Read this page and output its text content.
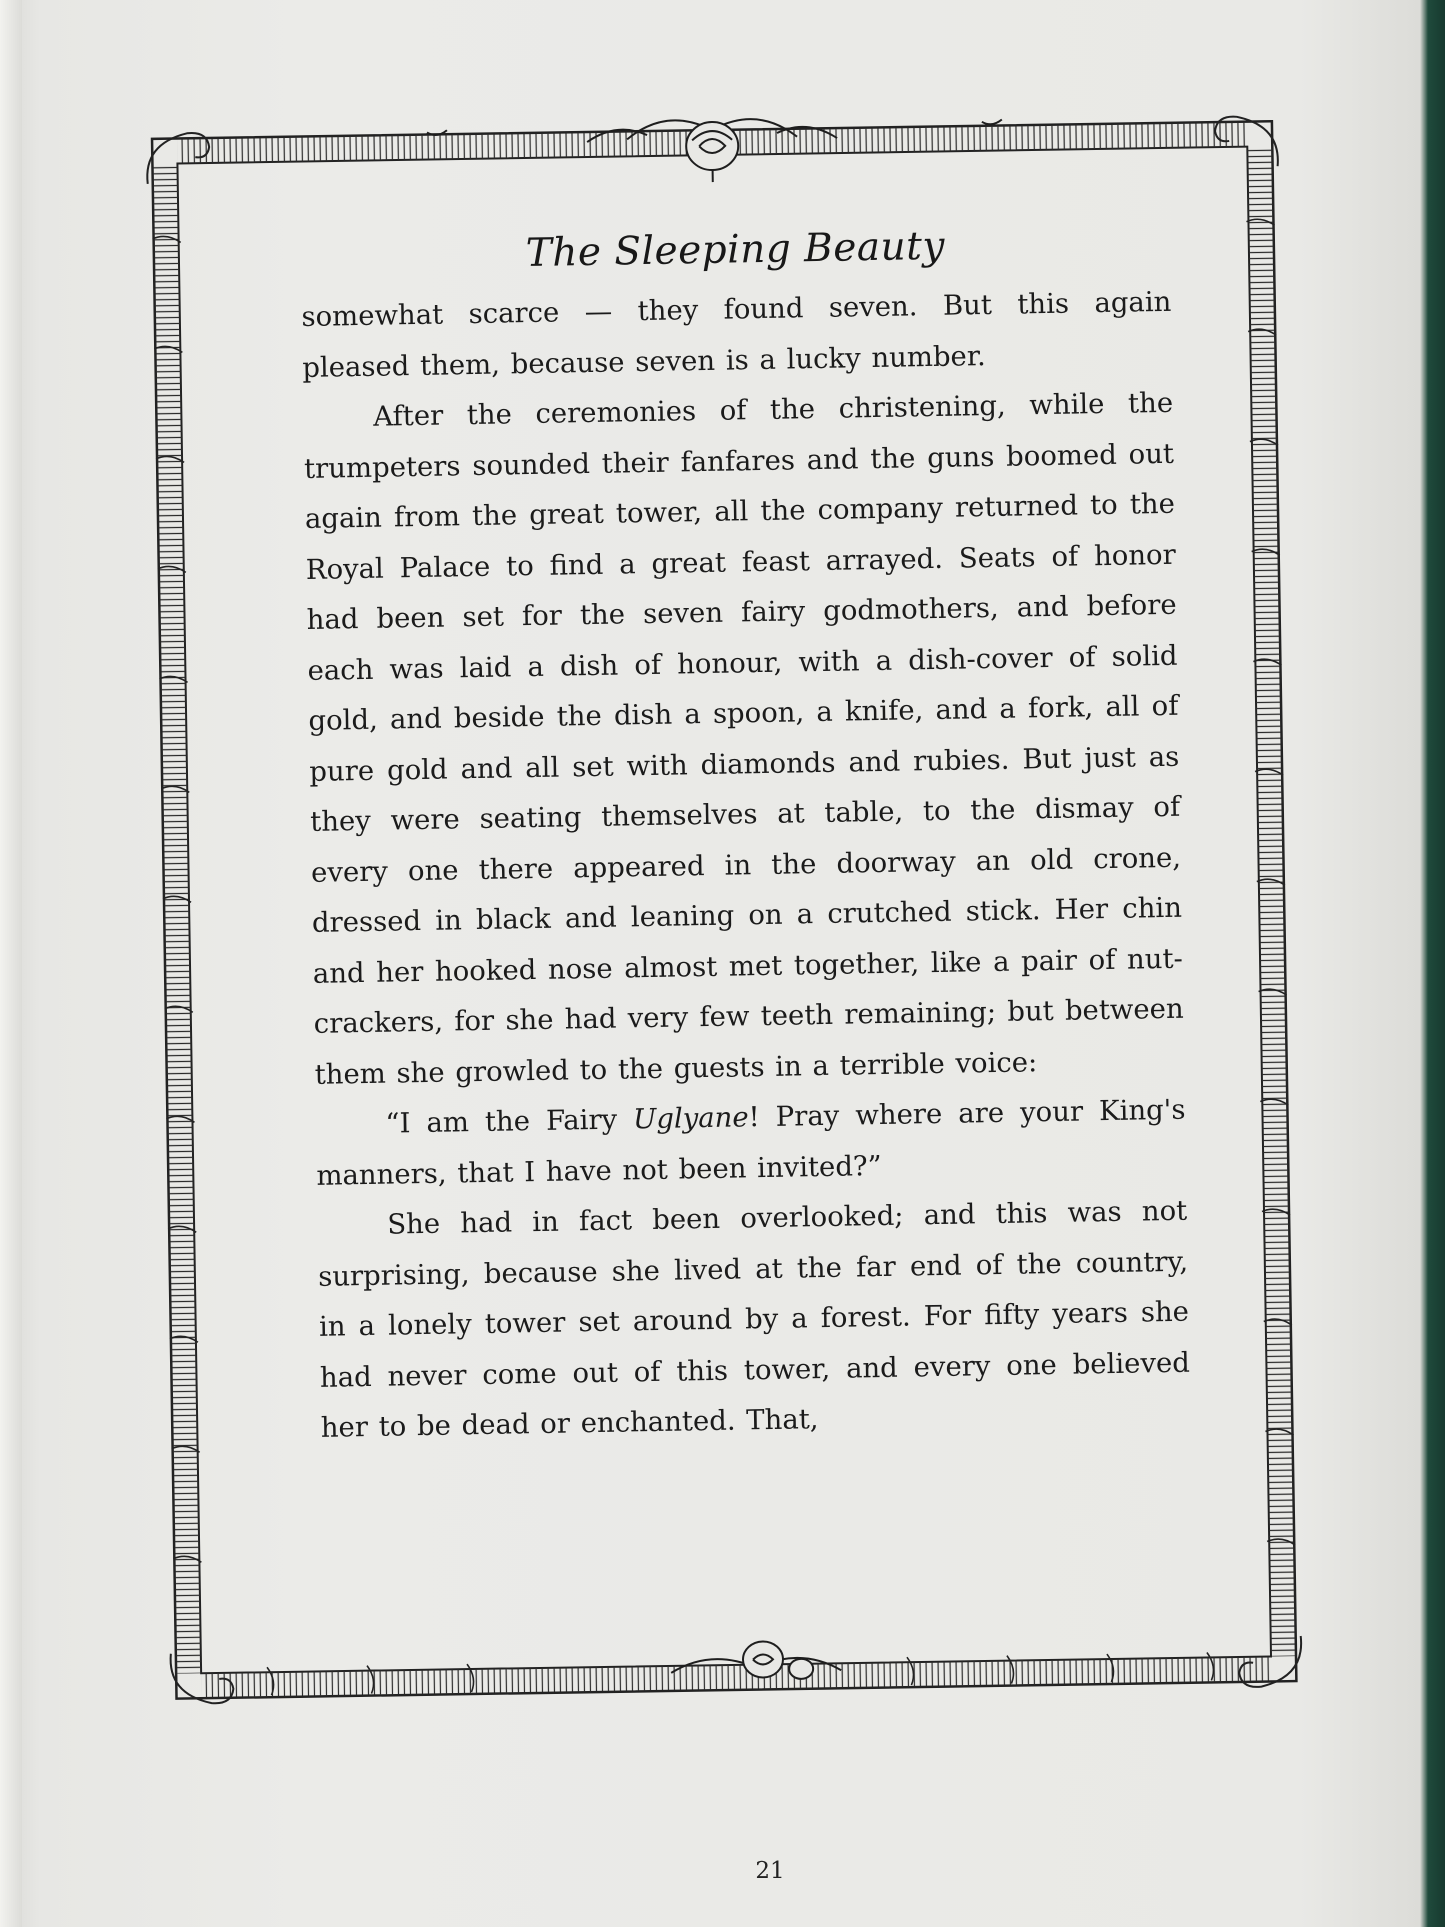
The Sleeping Beauty

somewhat scarce — they found seven. But this again pleased them, because seven is a lucky number.

After the ceremonies of the christening, while the trumpeters sounded their fanfares and the guns boomed out again from the great tower, all the company returned to the Royal Palace to find a great feast arrayed. Seats of honor had been set for the seven fairy godmothers, and before each was laid a dish of honour, with a dish-cover of solid gold, and beside the dish a spoon, a knife, and a fork, all of pure gold and all set with diamonds and rubies. But just as they were seating themselves at table, to the dismay of every one there appeared in the doorway an old crone, dressed in black and leaning on a crutched stick. Her chin and her hooked nose almost met together, like a pair of nut-crackers, for she had very few teeth remaining; but between them she growled to the guests in a terrible voice:

“I am the Fairy Uglyane! Pray where are your King's manners, that I have not been invited?”

She had in fact been overlooked; and this was not surprising, because she lived at the far end of the country, in a lonely tower set around by a forest. For fifty years she had never come out of this tower, and every one believed her to be dead or enchanted. That,

21
